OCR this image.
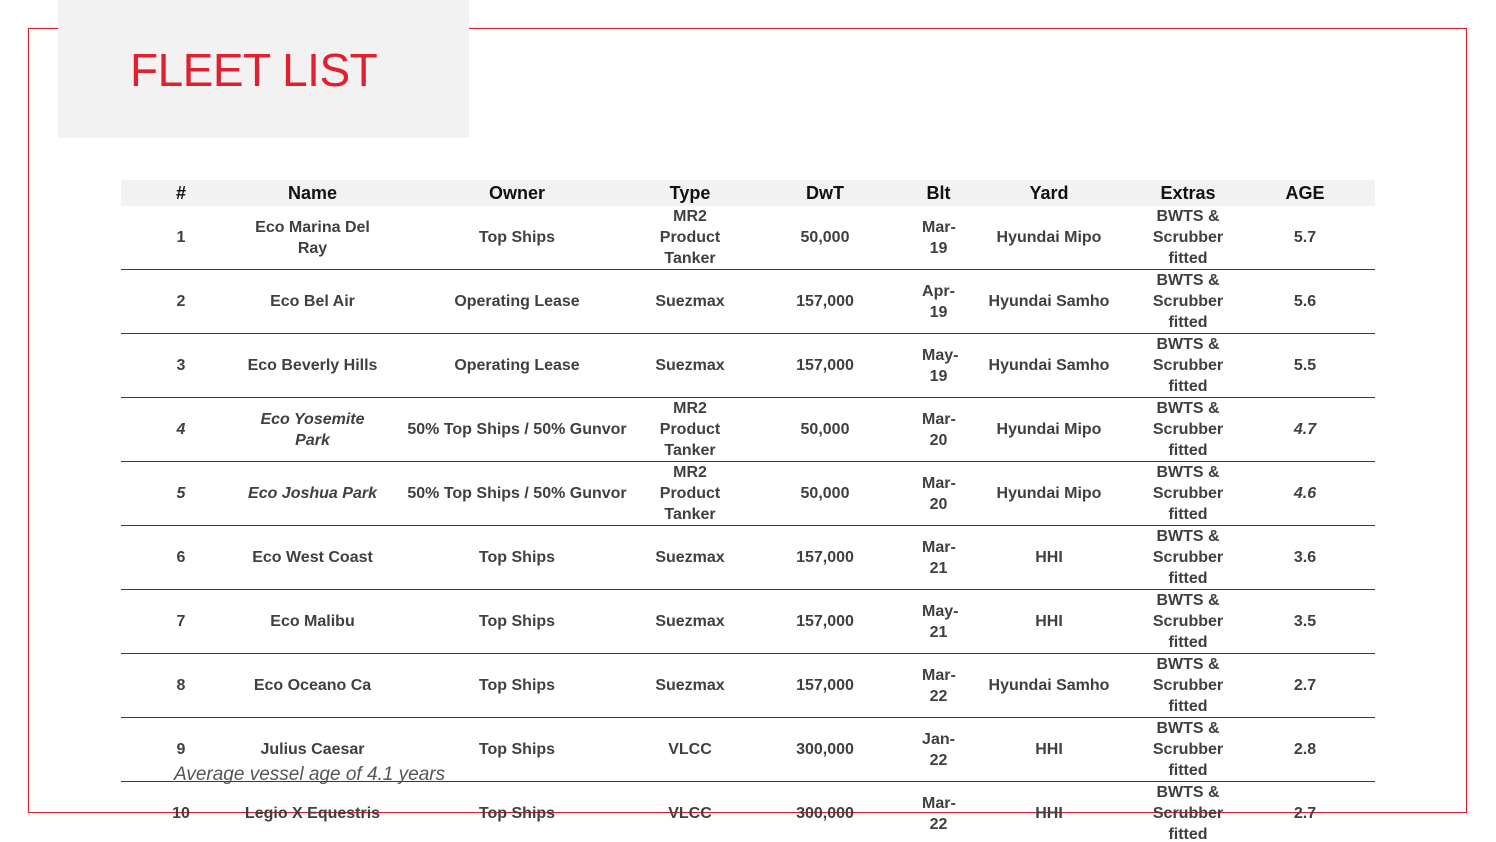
FLEET LIST
#	Name	Owner	Type	DwT	Blt	Yard	Extras	AGE
1	Eco Marina Del Ray	Top Ships	MR2 Product Tanker	50,000	Mar-19	Hyundai Mipo	BWTS & Scrubber fitted	5.7
2	Eco Bel Air	Operating Lease	Suezmax	157,000	Apr-19	Hyundai Samho	BWTS & Scrubber fitted	5.6
3	Eco Beverly Hills	Operating Lease	Suezmax	157,000	May-19	Hyundai Samho	BWTS & Scrubber fitted	5.5
4	Eco Yosemite Park	50% Top Ships / 50% Gunvor	MR2 Product Tanker	50,000	Mar-20	Hyundai Mipo	BWTS & Scrubber fitted	4.7
5	Eco Joshua Park	50% Top Ships / 50% Gunvor	MR2 Product Tanker	50,000	Mar-20	Hyundai Mipo	BWTS & Scrubber fitted	4.6
6	Eco West Coast	Top Ships	Suezmax	157,000	Mar-21	HHI	BWTS & Scrubber fitted	3.6
7	Eco Malibu	Top Ships	Suezmax	157,000	May-21	HHI	BWTS & Scrubber fitted	3.5
8	Eco Oceano Ca	Top Ships	Suezmax	157,000	Mar-22	Hyundai Samho	BWTS & Scrubber fitted	2.7
9	Julius Caesar	Top Ships	VLCC	300,000	Jan-22	HHI	BWTS & Scrubber fitted	2.8
10	Legio X Equestris	Top Ships	VLCC	300,000	Mar-22	HHI	BWTS & Scrubber fitted	2.7

Average vessel age of 4.1 years
